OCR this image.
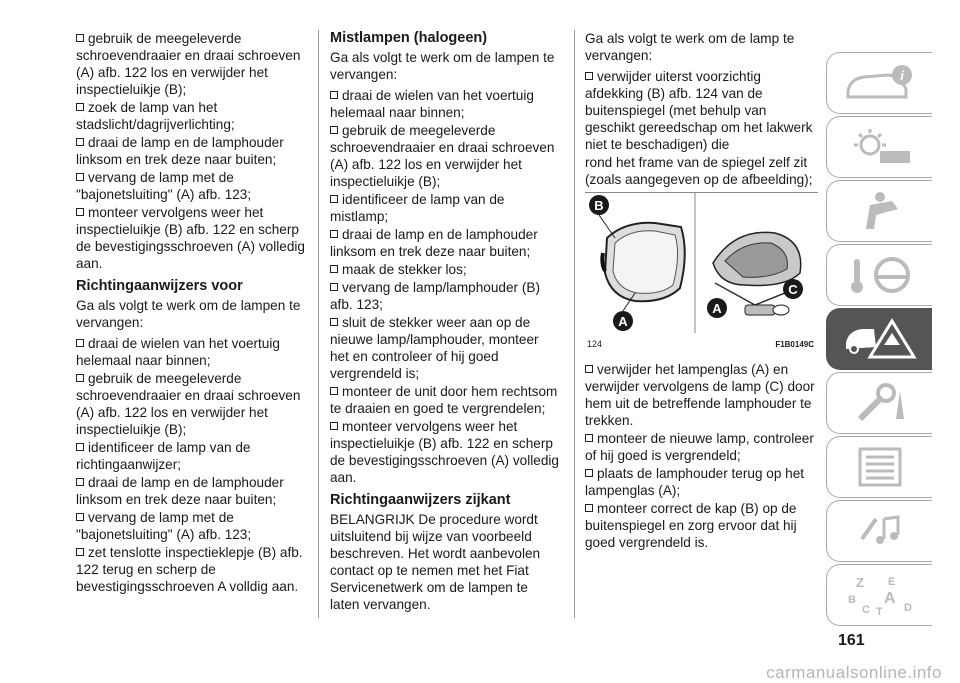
gebruik de meegeleverde schroevendraaier en draai schroeven (A) afb. 122 los en verwijder het inspectieluikje (B);
zoek de lamp van het stadslicht/dagrijverlichting;
draai de lamp en de lamphouder linksom en trek deze naar buiten;
vervang de lamp met de "bajonetsluiting" (A) afb. 123;
monteer vervolgens weer het inspectieluikje (B) afb. 122 en scherp de bevestigingsschroeven (A) volledig aan.
Richtingaanwijzers voor

Ga als volgt te werk om de lampen te vervangen:

draai de wielen van het voertuig helemaal naar binnen;
gebruik de meegeleverde schroevendraaier en draai schroeven (A) afb. 122 los en verwijder het inspectieluikje (B);
identificeer de lamp van de richtingaanwijzer;
draai de lamp en de lamphouder linksom en trek deze naar buiten;
vervang de lamp met de "bajonetsluiting" (A) afb. 123;
zet tenslotte inspectieklepje (B) afb. 122 terug en scherp de bevestigingsschroeven A volldig aan.
Mistlampen (halogeen)

Ga als volgt te werk om de lampen te vervangen:

draai de wielen van het voertuig helemaal naar binnen;
gebruik de meegeleverde schroevendraaier en draai schroeven (A) afb. 122 los en verwijder het inspectieluikje (B);
identificeer de lamp van de mistlamp;
draai de lamp en de lamphouder linksom en trek deze naar buiten;
maak de stekker los;
vervang de lamp/lamphouder (B) afb. 123;
sluit de stekker weer aan op de nieuwe lamp/lamphouder, monteer het en controleer of hij goed vergrendeld is;
monteer de unit door hem rechtsom te draaien en goed te vergrendelen;
monteer vervolgens weer het inspectieluikje (B) afb. 122 en scherp de bevestigingsschroeven (A) volledig aan.
Richtingaanwijzers zijkant

BELANGRIJK De procedure wordt uitsluitend bij wijze van voorbeeld beschreven. Het wordt aanbevolen contact op te nemen met het Fiat Servicenetwerk om de lampen te laten vervangen.

Ga als volgt te werk om de lamp te vervangen:

verwijder uiterst voorzichtig afdekking (B) afb. 124 van de buitenspiegel (met behulp van geschikt gereedschap om het lakwerk niet te beschadigen) die

rond het frame van de spiegel zelf zit (zoals aangegeven op de afbeelding);

B
A
A
C
124	F1B0149C
verwijder het lampenglas (A) en verwijder vervolgens de lamp (C) door hem uit de betreffende lamphouder te trekken.
monteer de nieuwe lamp, controleer of hij goed is vergrendeld;
plaats de lamphouder terug op het lampenglas (A);
monteer correct de kap (B) op de buitenspiegel en zorg ervoor dat hij goed vergrendeld is.
i
Z E
B A
C T D
161
carmanualsonline.info
